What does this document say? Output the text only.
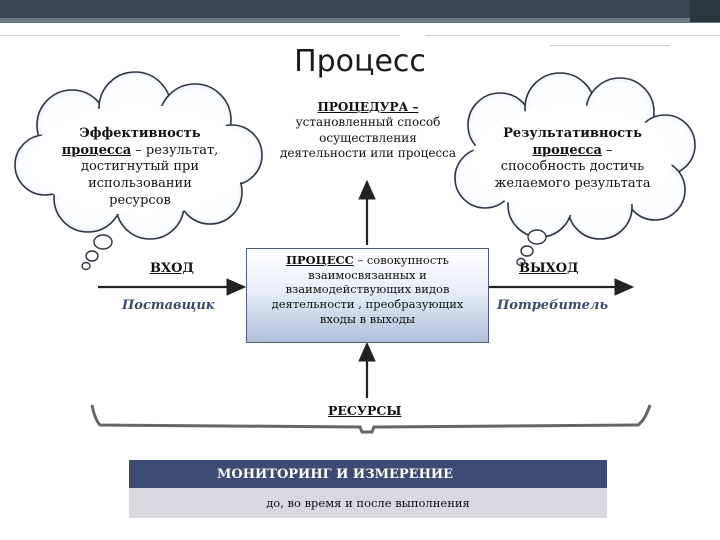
Процесс
ПРОЦЕДУРА –
установленный способ
осуществления
деятельности или процесса
Эффективность
процесса – результат,
достигнутый при
использовании
ресурсов
Результативность
процесса –
способность достичь
желаемого результата
ПРОЦЕСС – совокупность
взаимосвязанных и
взаимодействующих видов
деятельности , преобразующих
входы в выходы
ВХОД
Поставщик
ВЫХОД
Потребитель
РЕСУРСЫ
МОНИТОРИНГ И ИЗМЕРЕНИЕ
до, во время и после выполнения
